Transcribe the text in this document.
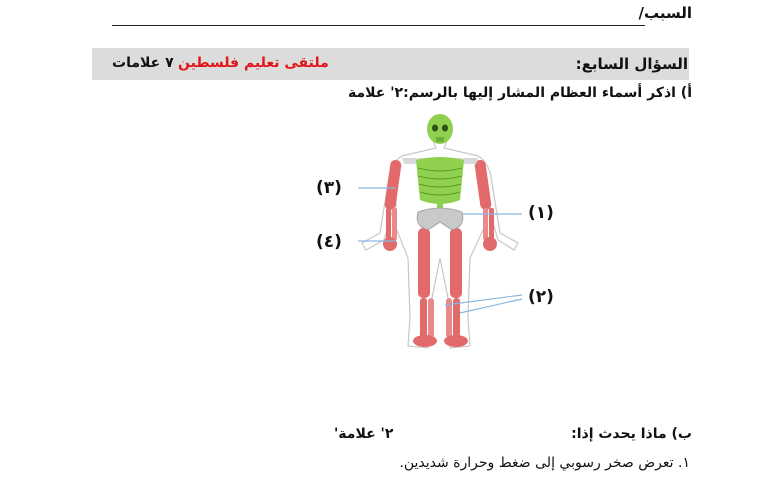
السبب/
السؤال السابع:
ملتقى تعليم فلسطين
٧ علامات
أ) اذكر أسماء العظام المشار إليها بالرسم:
٢' علامة
(١)
(٢)
(٣)
(٤)
ب) ماذا يحدث إذا:
٢' علامة'
١. تعرض صخر رسوبي إلى ضغط وحرارة شديدين.
